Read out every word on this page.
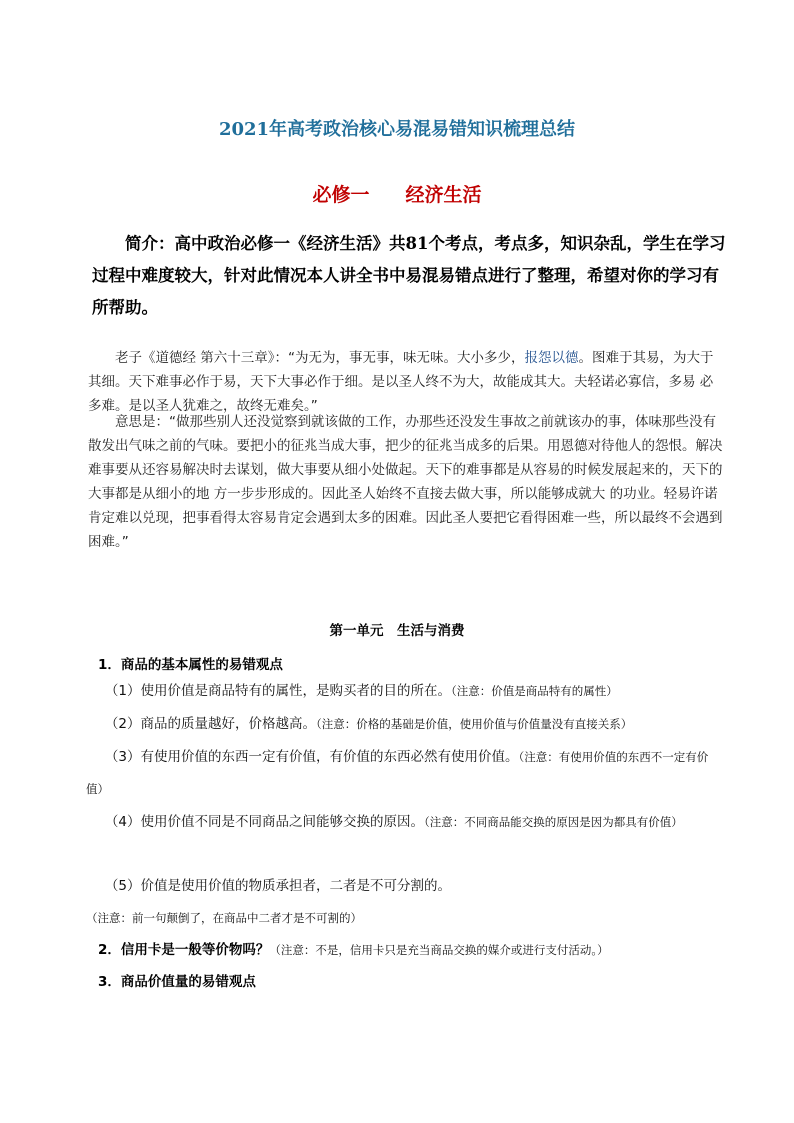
2021年高考政治核心易混易错知识梳理总结
必修一 经济生活
简介：高中政治必修一《经济生活》共81个考点，考点多，知识杂乱，学生在学习过程中难度较大，针对此情况本人讲全书中易混易错点进行了整理，希望对你的学习有所帮助。
老子《道德经 第六十三章》：“为无为，事无事，味无味。大小多少，报怨以德。图难于其易，为大于其细。天下难事必作于易，天下大事必作于细。是以圣人终不为大，故能成其大。夫轻诺必寡信，多易 必多难。是以圣人犹难之，故终无难矣。”
意思是：“做那些别人还没觉察到就该做的工作，办那些还没发生事故之前就该办的事，体味那些没有散发出气味之前的气味。要把小的征兆当成大事，把少的征兆当成多的后果。用恩德对待他人的怨恨。解决难事要从还容易解决时去谋划，做大事要从细小处做起。天下的难事都是从容易的时候发展起来的，天下的大事都是从细小的地 方一步步形成的。因此圣人始终不直接去做大事，所以能够成就大 的功业。轻易许诺肯定难以兑现，把事看得太容易肯定会遇到太多的困难。因此圣人要把它看得困难一些，所以最终不会遇到困难。”
第一单元　生活与消费
1．商品的基本属性的易错观点
（1）使用价值是商品特有的属性，是购买者的目的所在。（注意：价值是商品特有的属性）
（2）商品的质量越好，价格越高。（注意：价格的基础是价值，使用价值与价值量没有直接关系）
（3）有使用价值的东西一定有价值，有价值的东西必然有使用价值。（注意：有使用价值的东西不一定有价值）
（4）使用价值不同是不同商品之间能够交换的原因。（注意：不同商品能交换的原因是因为都具有价值）
（5）价值是使用价值的物质承担者，二者是不可分割的。（注意：前一句颠倒了，在商品中二者才是不可割的）
2．信用卡是一般等价物吗？（注意：不是，信用卡只是充当商品交换的媒介或进行支付活动。）
3．商品价值量的易错观点
